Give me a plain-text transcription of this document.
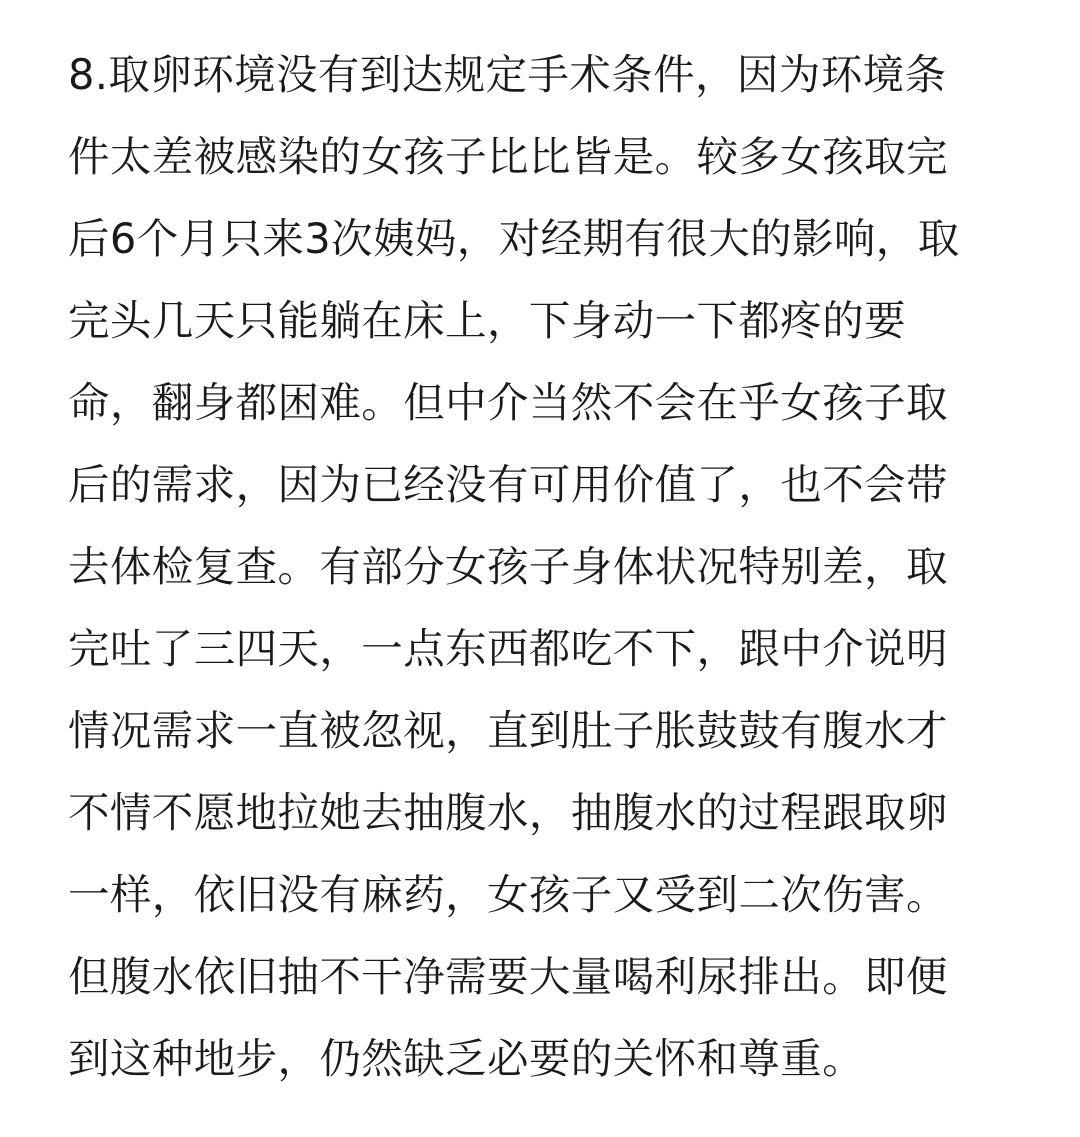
8.取卵环境没有到达规定手术条件，因为环境条
件太差被感染的女孩子比比皆是。较多女孩取完
后6个月只来3次姨妈，对经期有很大的影响，取
完头几天只能躺在床上，下身动一下都疼的要
命，翻身都困难。但中介当然不会在乎女孩子取
后的需求，因为已经没有可用价值了，也不会带
去体检复查。有部分女孩子身体状况特别差，取
完吐了三四天，一点东西都吃不下，跟中介说明
情况需求一直被忽视，直到肚子胀鼓鼓有腹水才
不情不愿地拉她去抽腹水，抽腹水的过程跟取卵
一样，依旧没有麻药，女孩子又受到二次伤害。
但腹水依旧抽不干净需要大量喝利尿排出。即便
到这种地步，仍然缺乏必要的关怀和尊重。
